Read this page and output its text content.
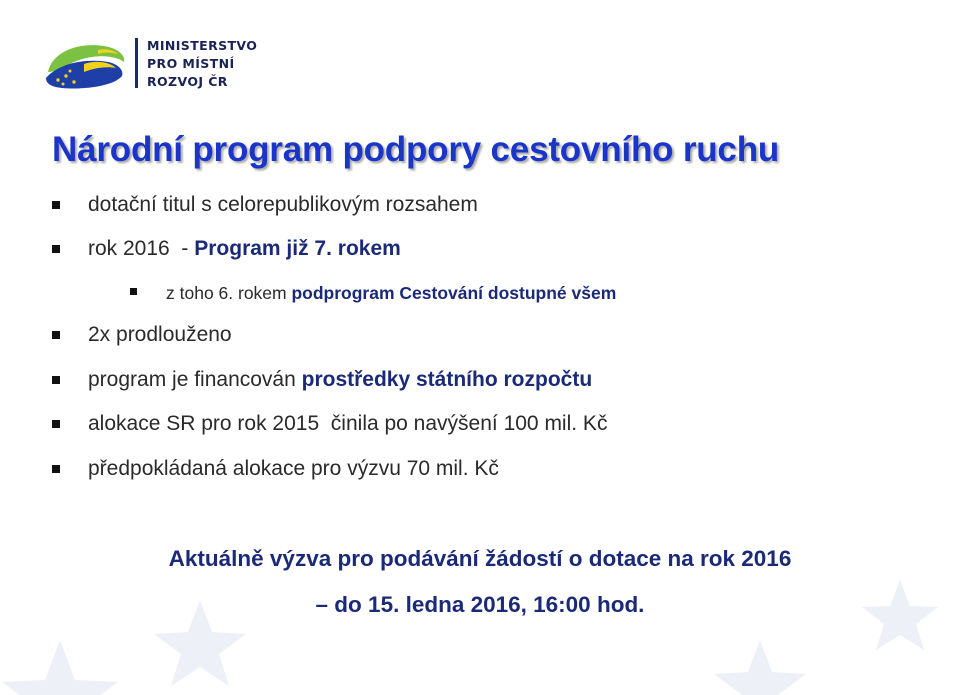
MINISTERSTVO
PRO MÍSTNÍ
ROZVOJ ČR
Národní program podpory cestovního ruchu
dotační titul s celorepublikovým rozsahem
rok 2016  - Program již 7. rokem
z toho 6. rokem podprogram Cestování dostupné všem
2x prodlouženo
program je financován prostředky státního rozpočtu
alokace SR pro rok 2015  činila po navýšení 100 mil. Kč
předpokládaná alokace pro výzvu 70 mil. Kč
Aktuálně výzva pro podávání žádostí o dotace na rok 2016
– do 15. ledna 2016, 16:00 hod.
